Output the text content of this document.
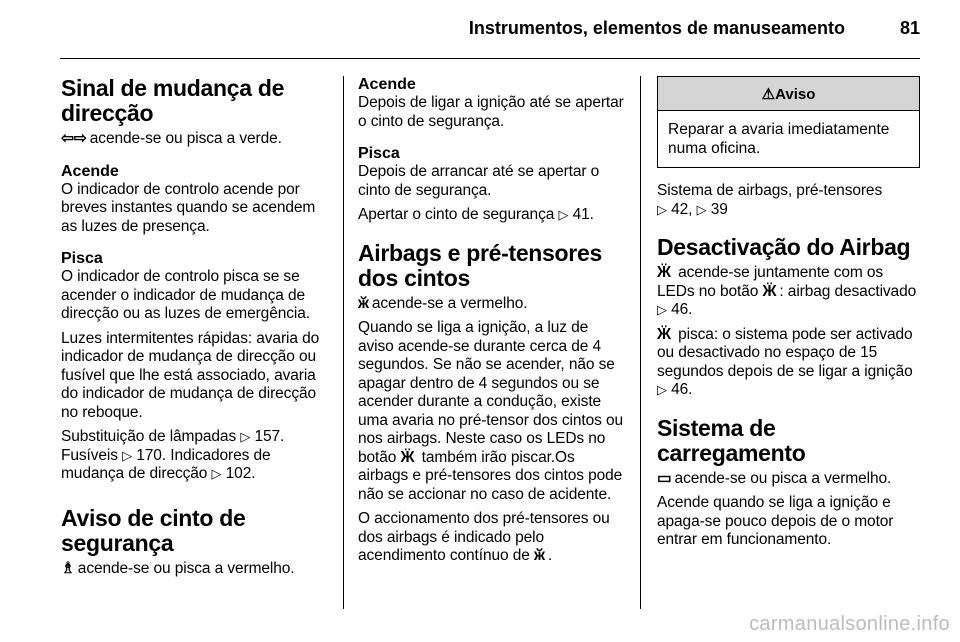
Instrumentos, elementos de manuseamento	81
Sinal de mudança de direcção

⇦⇨ acende-se ou pisca a verde.

Acende

O indicador de controlo acende por breves instantes quando se acendem as luzes de presença.

Pisca

O indicador de controlo pisca se se acender o indicador de mudança de direcção ou as luzes de emergência.

Luzes intermitentes rápidas: avaria do indicador de mudança de direcção ou fusível que lhe está associado, avaria do indicador de mudança de direcção no reboque.

Substituição de lâmpadas ▷ 157.
Fusíveis ▷ 170. Indicadores de mudança de direcção ▷ 102.

Aviso de cinto de segurança

♗ acende-se ou pisca a vermelho.

Acende

Depois de ligar a ignição até se apertar o cinto de segurança.

Pisca

Depois de arrancar até se apertar o cinto de segurança.

Apertar o cinto de segurança ▷ 41.

Airbags e pré-tensores dos cintos

ӂ acende-se a vermelho.

Quando se liga a ignição, a luz de aviso acende-se durante cerca de 4 segundos. Se não se acender, não se apagar dentro de 4 segundos ou se acender durante a condução, existe uma avaria no pré-tensor dos cintos ou nos airbags. Neste caso os LEDs no botão Ӝ também irão piscar.Os airbags e pré-tensores dos cintos pode não se accionar no caso de acidente.

O accionamento dos pré-tensores ou dos airbags é indicado pelo acendimento contínuo de ӂ .

⚠Aviso
Reparar a avaria imediatamente numa oficina.

Sistema de airbags, pré-tensores
▷ 42, ▷ 39

Desactivação do Airbag

Ӝ acende-se juntamente com os LEDs no botão Ӝ : airbag desactivado ▷ 46.

Ӝ pisca: o sistema pode ser activado ou desactivado no espaço de 15 segundos depois de se ligar a ignição ▷ 46.

Sistema de carregamento

▭ acende-se ou pisca a vermelho.

Acende quando se liga a ignição e apaga-se pouco depois de o motor entrar em funcionamento.

carmanualsonline.info
